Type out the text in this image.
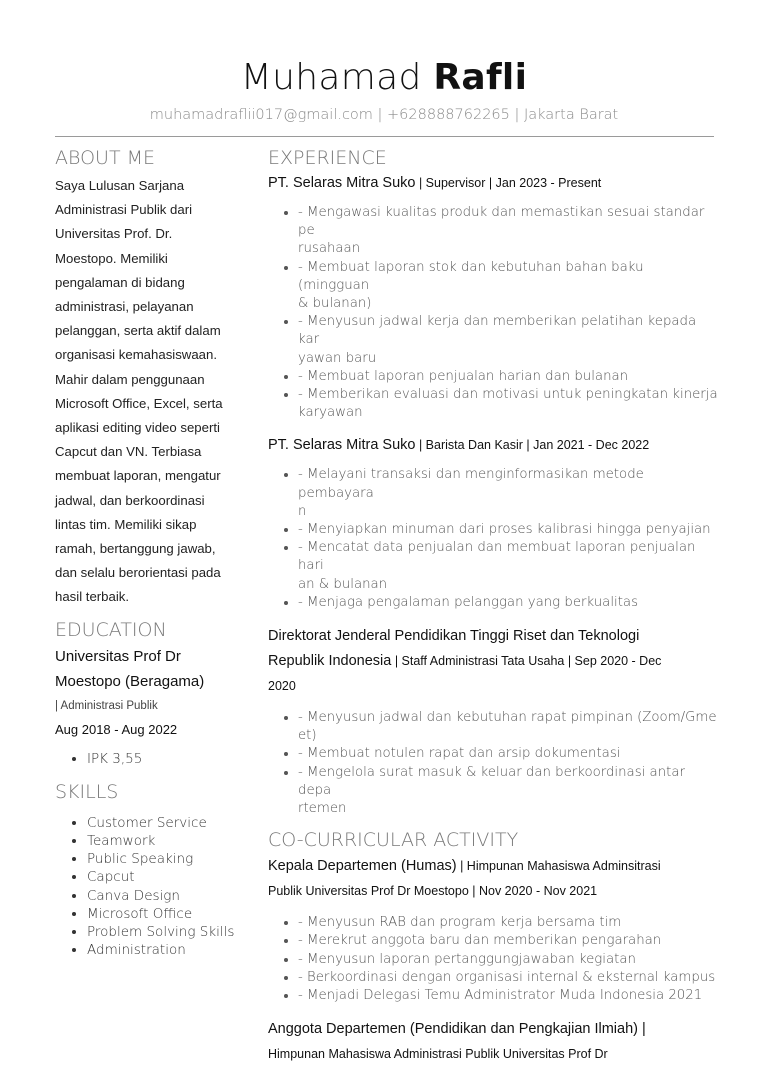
Muhamad Rafli
muhamadraflii017@gmail.com | +628888762265 | Jakarta Barat
ABOUT ME
Saya Lulusan Sarjana
Administrasi Publik dari
Universitas Prof. Dr.
Moestopo. Memiliki
pengalaman di bidang
administrasi, pelayanan
pelanggan, serta aktif dalam
organisasi kemahasiswaan.
Mahir dalam penggunaan
Microsoft Office, Excel, serta
aplikasi editing video seperti
Capcut dan VN. Terbiasa
membuat laporan, mengatur
jadwal, dan berkoordinasi
lintas tim. Memiliki sikap
ramah, bertanggung jawab,
dan selalu berorientasi pada
hasil terbaik.
EDUCATION
Universitas Prof Dr
Moestopo (Beragama)
| Administrasi Publik
Aug 2018 - Aug 2022
• IPK 3,55
SKILLS
• Customer Service
• Teamwork
• Public Speaking
• Capcut
• Canva Design
• Microsoft Office
• Problem Solving Skills
• Administration
EXPERIENCE
PT. Selaras Mitra Suko | Supervisor | Jan 2023 - Present
• - Mengawasi kualitas produk dan memastikan sesuai standar pe
rusahaan
• - Membuat laporan stok dan kebutuhan bahan baku (mingguan
& bulanan)
• - Menyusun jadwal kerja dan memberikan pelatihan kepada kar
yawan baru
• - Membuat laporan penjualan harian dan bulanan
• - Memberikan evaluasi dan motivasi untuk peningkatan kinerja
karyawan
PT. Selaras Mitra Suko | Barista Dan Kasir | Jan 2021 - Dec 2022
• - Melayani transaksi dan menginformasikan metode pembayara
n
• - Menyiapkan minuman dari proses kalibrasi hingga penyajian
• - Mencatat data penjualan dan membuat laporan penjualan hari
an & bulanan
• - Menjaga pengalaman pelanggan yang berkualitas
Direktorat Jenderal Pendidikan Tinggi Riset dan Teknologi
Republik Indonesia | Staff Administrasi Tata Usaha | Sep 2020 - Dec
2020
• - Menyusun jadwal dan kebutuhan rapat pimpinan (Zoom/Gme
et)
• - Membuat notulen rapat dan arsip dokumentasi
• - Mengelola surat masuk & keluar dan berkoordinasi antar depa
rtemen
CO-CURRICULAR ACTIVITY
Kepala Departemen (Humas) | Himpunan Mahasiswa Adminsitrasi
Publik Universitas Prof Dr Moestopo | Nov 2020 - Nov 2021
• - Menyusun RAB dan program kerja bersama tim
• - Merekrut anggota baru dan memberikan pengarahan
• - Menyusun laporan pertanggungjawaban kegiatan
• - Berkoordinasi dengan organisasi internal & eksternal kampus
• - Menjadi Delegasi Temu Administrator Muda Indonesia 2021
Anggota Departemen (Pendidikan dan Pengkajian Ilmiah) |
Himpunan Mahasiswa Administrasi Publik Universitas Prof Dr
